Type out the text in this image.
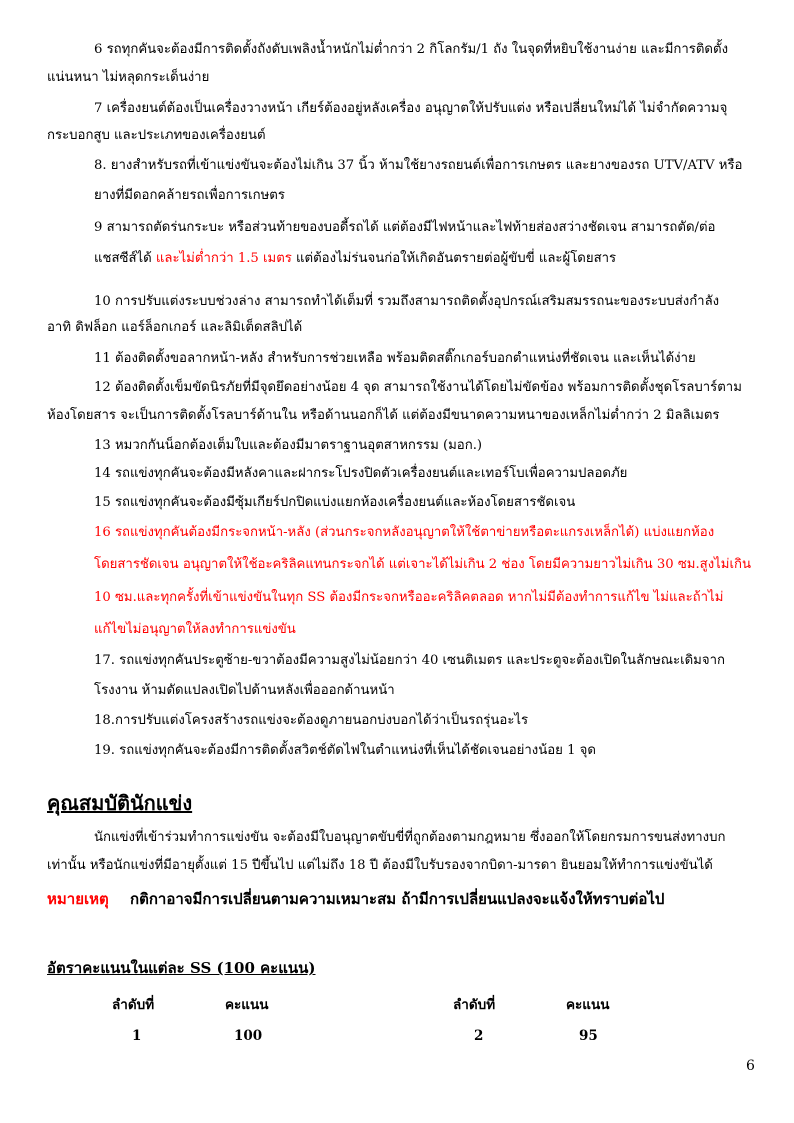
6 รถทุกคันจะต้องมีการติดตั้งถังดับเพลิงน้ำหนักไม่ต่ำกว่า 2 กิโลกรัม/1 ถัง ในจุดที่หยิบใช้งานง่าย และมีการติดตั้ง
แน่นหนา ไม่หลุดกระเด็นง่าย
7 เครื่องยนต์ต้องเป็นเครื่องวางหน้า เกียร์ต้องอยู่หลังเครื่อง อนุญาตให้ปรับแต่ง หรือเปลี่ยนใหม่ได้ ไม่จำกัดความจุ
กระบอกสูบ และประเภทของเครื่องยนต์
8. ยางสำหรับรถที่เข้าแข่งขันจะต้องไม่เกิน 37 นิ้ว ห้ามใช้ยางรถยนต์เพื่อการเกษตร และยางของรถ UTV/ATV หรือ
ยางที่มีดอกคล้ายรถเพื่อการเกษตร
9 สามารถตัดร่นกระบะ หรือส่วนท้ายของบอดี้รถได้ แต่ต้องมีไฟหน้าและไฟท้ายส่องสว่างชัดเจน สามารถตัด/ต่อ
แชสซีส์ได้ และไม่ต่ำกว่า 1.5 เมตร แต่ต้องไม่ร่นจนก่อให้เกิดอันตรายต่อผู้ขับขี่ และผู้โดยสาร
10 การปรับแต่งระบบช่วงล่าง สามารถทำได้เต็มที่ รวมถึงสามารถติดตั้งอุปกรณ์เสริมสมรรถนะของระบบส่งกำลัง
อาทิ ดิฟล็อก แอร์ล็อกเกอร์ และลิมิเต็ดสลิปได้
11 ต้องติดตั้งขอลากหน้า-หลัง สำหรับการช่วยเหลือ พร้อมติดสติ๊กเกอร์บอกตำแหน่งที่ชัดเจน และเห็นได้ง่าย
12 ต้องติดตั้งเข็มขัดนิรภัยที่มีจุดยึดอย่างน้อย 4 จุด สามารถใช้งานได้โดยไม่ขัดข้อง พร้อมการติดตั้งชุดโรลบาร์ตาม
ห้องโดยสาร จะเป็นการติดตั้งโรลบาร์ด้านใน หรือด้านนอกก็ได้ แต่ต้องมีขนาดความหนาของเหล็กไม่ต่ำกว่า 2 มิลลิเมตร
13 หมวกกันน็อกต้องเต็มใบและต้องมีมาตราฐานอุตสาหกรรม (มอก.)
14 รถแข่งทุกคันจะต้องมีหลังคาและฝากระโปรงปิดตัวเครื่องยนต์และเทอร์โบเพื่อความปลอดภัย
15 รถแข่งทุกคันจะต้องมีซุ้มเกียร์ปกปิดแบ่งแยกห้องเครื่องยนต์และห้องโดยสารชัดเจน
16 รถแข่งทุกคันต้องมีกระจกหน้า-หลัง (ส่วนกระจกหลังอนุญาตให้ใช้ตาข่ายหรือตะแกรงเหล็กได้) แบ่งแยกห้อง
โดยสารชัดเจน อนุญาตให้ใช้อะคริลิคแทนกระจกได้ แต่เจาะได้ไม่เกิน 2 ช่อง โดยมีความยาวไม่เกิน 30 ซม.สูงไม่เกิน
10 ซม.และทุกครั้งที่เข้าแข่งขันในทุก SS ต้องมีกระจกหรืออะคริลิคตลอด หากไม่มีต้องทำการแก้ไข ไม่และถ้าไม่
แก้ไขไม่อนุญาตให้ลงทำการแข่งขัน
17. รถแข่งทุกคันประตูซ้าย-ขวาต้องมีความสูงไม่น้อยกว่า 40 เซนติเมตร และประตูจะต้องเปิดในลักษณะเดิมจาก
โรงงาน ห้ามดัดแปลงเปิดไปด้านหลังเพื่อออกด้านหน้า
18.การปรับแต่งโครงสร้างรถแข่งจะต้องดูภายนอกบ่งบอกได้ว่าเป็นรถรุ่นอะไร
19. รถแข่งทุกคันจะต้องมีการติดตั้งสวิตช์ตัดไฟในตำแหน่งที่เห็นได้ชัดเจนอย่างน้อย 1 จุด
คุณสมบัตินักแข่ง
นักแข่งที่เข้าร่วมทำการแข่งขัน จะต้องมีใบอนุญาตขับขี่ที่ถูกต้องตามกฎหมาย ซึ่งออกให้โดยกรมการขนส่งทางบก
เท่านั้น หรือนักแข่งที่มีอายุตั้งแต่ 15 ปีขึ้นไป แต่ไม่ถึง 18 ปี ต้องมีใบรับรองจากบิดา-มารดา ยินยอมให้ทำการแข่งขันได้
หมายเหตุ กติกาอาจมีการเปลี่ยนตามความเหมาะสม ถ้ามีการเปลี่ยนแปลงจะแจ้งให้ทราบต่อไป
อัตราคะแนนในแต่ละ SS (100 คะแนน)
ลำดับที่	คะแนน	ลำดับที่	คะแนน
1	100	2	95
6
